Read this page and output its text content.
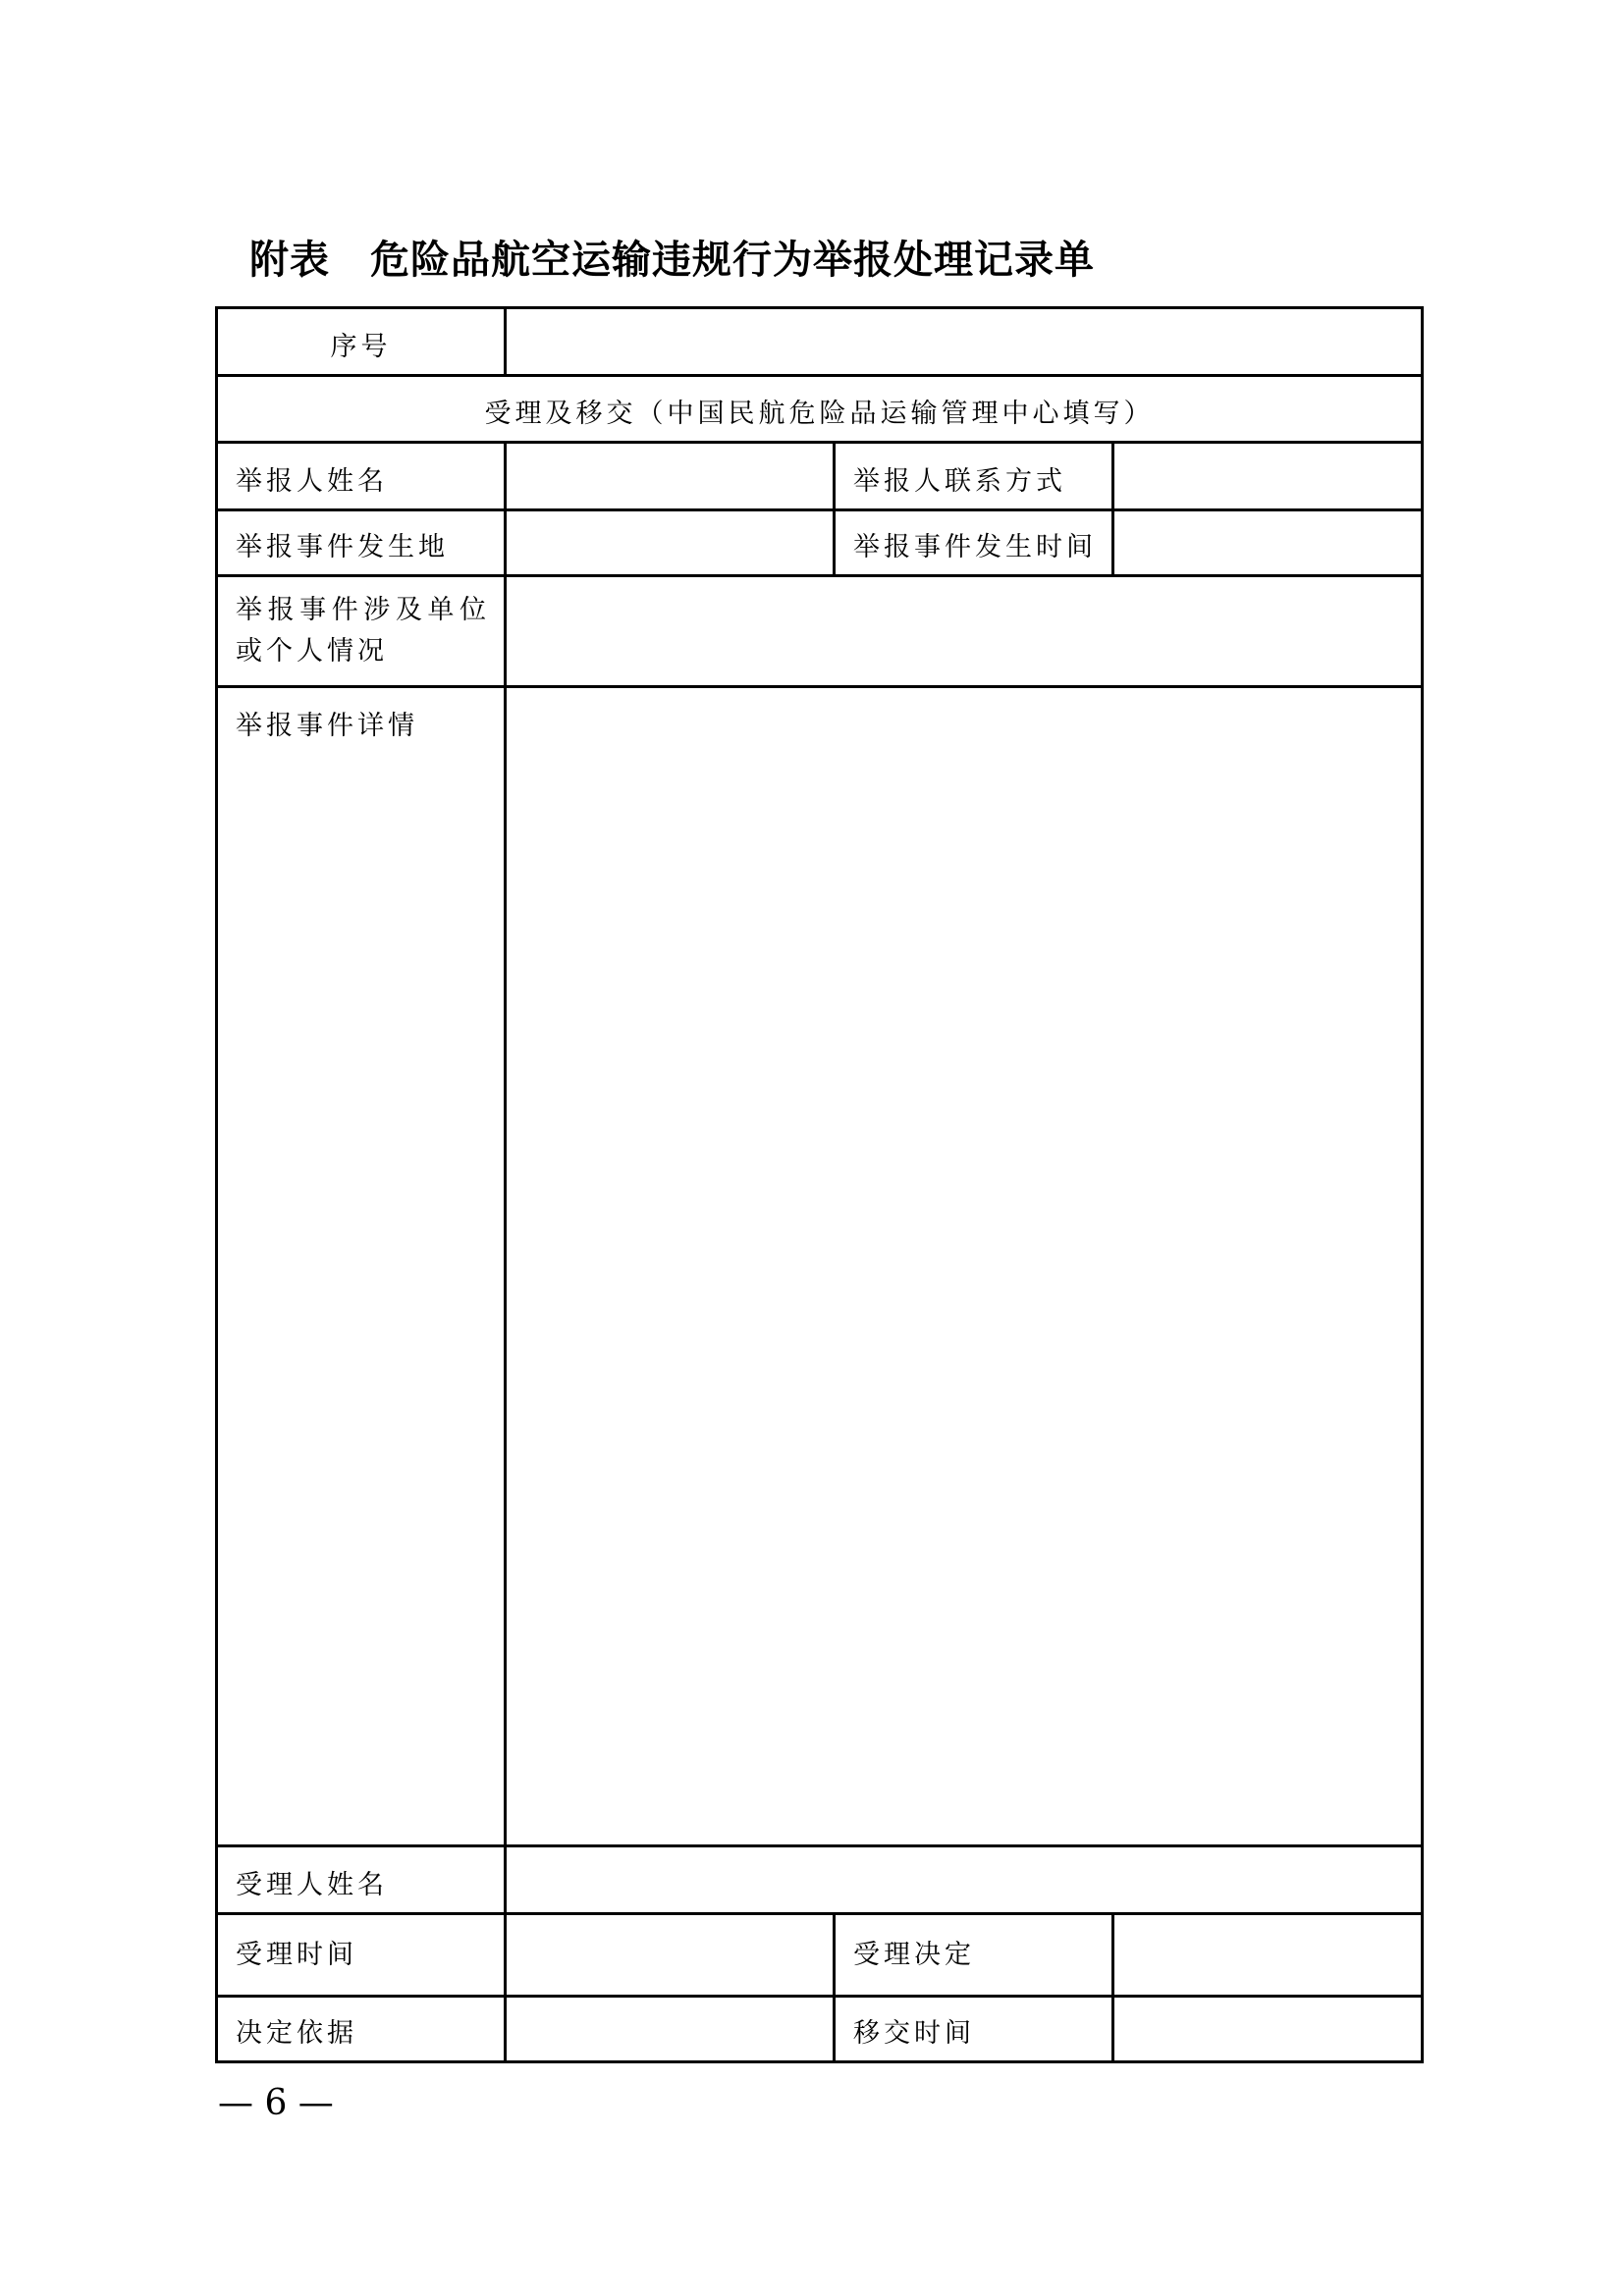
附表　危险品航空运输违规行为举报处理记录单
序号			
受理及移交（中国民航危险品运输管理中心填写）			
举报人姓名		举报人联系方式	
举报事件发生地		举报事件发生时间	

举报事件涉及单位
或个人情况			

举报事件详情			
受理人姓名			
受理时间		受理决定	
决定依据		移交时间	
— 6 —
